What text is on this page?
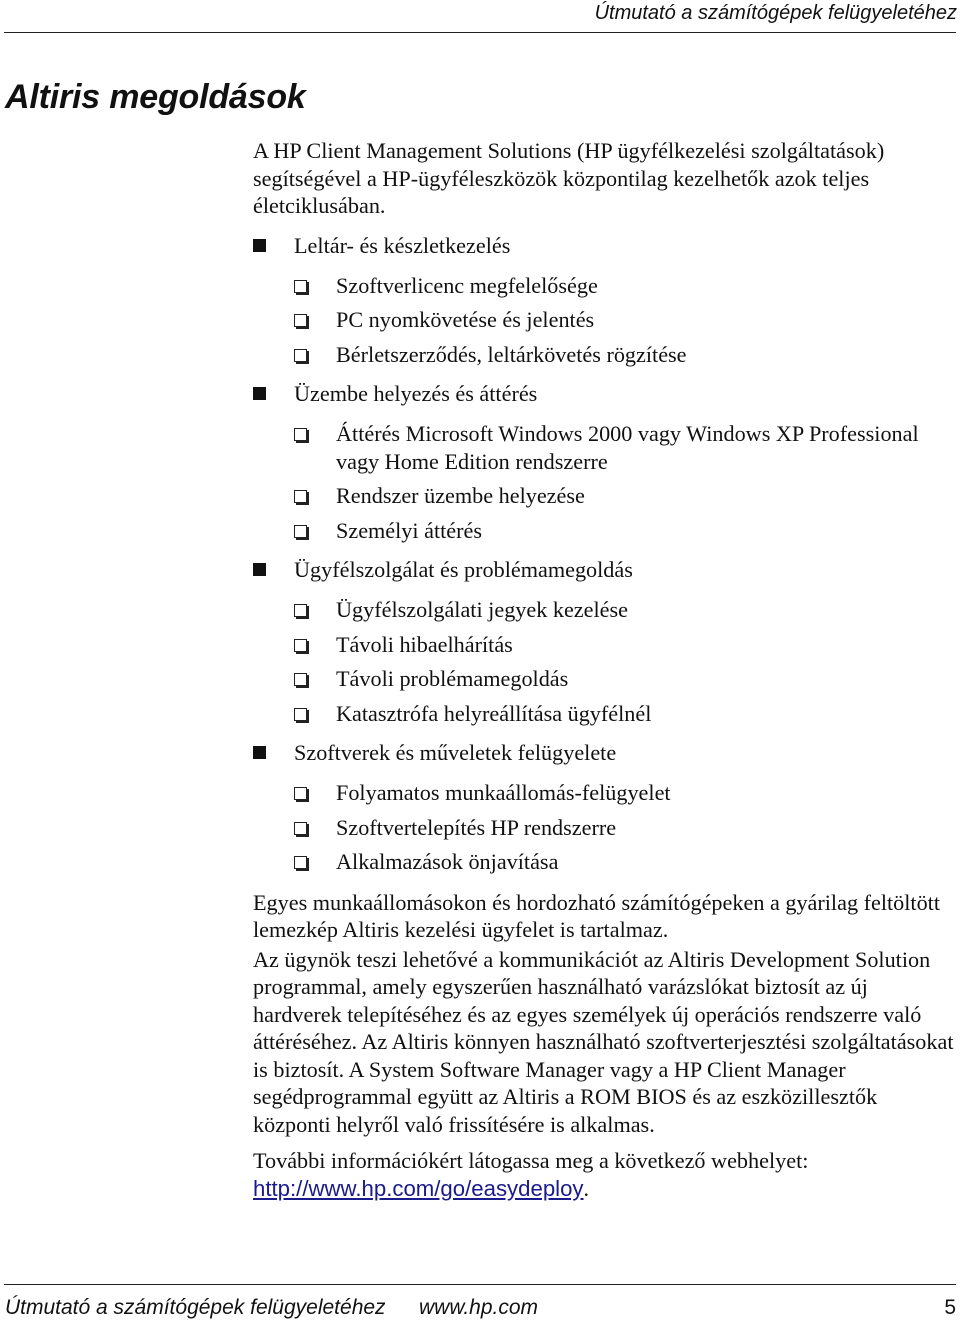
Útmutató a számítógépek felügyeletéhez
Altiris megoldások

A HP Client Management Solutions (HP ügyfélkezelési szolgáltatások) segítségével a HP-ügyféleszközök központilag kezelhetők azok teljes életciklusában.

Leltár- és készletkezelés
Szoftverlicenc megfelelősége
PC nyomkövetése és jelentés
Bérletszerződés, leltárkövetés rögzítése
Üzembe helyezés és áttérés
Áttérés Microsoft Windows 2000 vagy Windows XP Professional vagy Home Edition rendszerre
Rendszer üzembe helyezése
Személyi áttérés
Ügyfélszolgálat és problémamegoldás
Ügyfélszolgálati jegyek kezelése
Távoli hibaelhárítás
Távoli problémamegoldás
Katasztrófa helyreállítása ügyfélnél
Szoftverek és műveletek felügyelete
Folyamatos munkaállomás-felügyelet
Szoftvertelepítés HP rendszerre
Alkalmazások önjavítása

Egyes munkaállomásokon és hordozható számítógépeken a gyárilag feltöltött lemezkép Altiris kezelési ügyfelet is tartalmaz.

Az ügynök teszi lehetővé a kommunikációt az Altiris Development Solution programmal, amely egyszerűen használható varázslókat biztosít az új hardverek telepítéséhez és az egyes személyek új operációs rendszerre való áttéréséhez. Az Altiris könnyen használható szoftverterjesztési szolgáltatásokat is biztosít. A System Software Manager vagy a HP Client Manager segédprogrammal együtt az Altiris a ROM BIOS és az eszközillesztők központi helyről való frissítésére is alkalmas.

További információkért látogassa meg a következő webhelyet:
http://www.hp.com/go/easydeploy.

Útmutató a számítógépek felügyeletéhez www.hp.com	5
